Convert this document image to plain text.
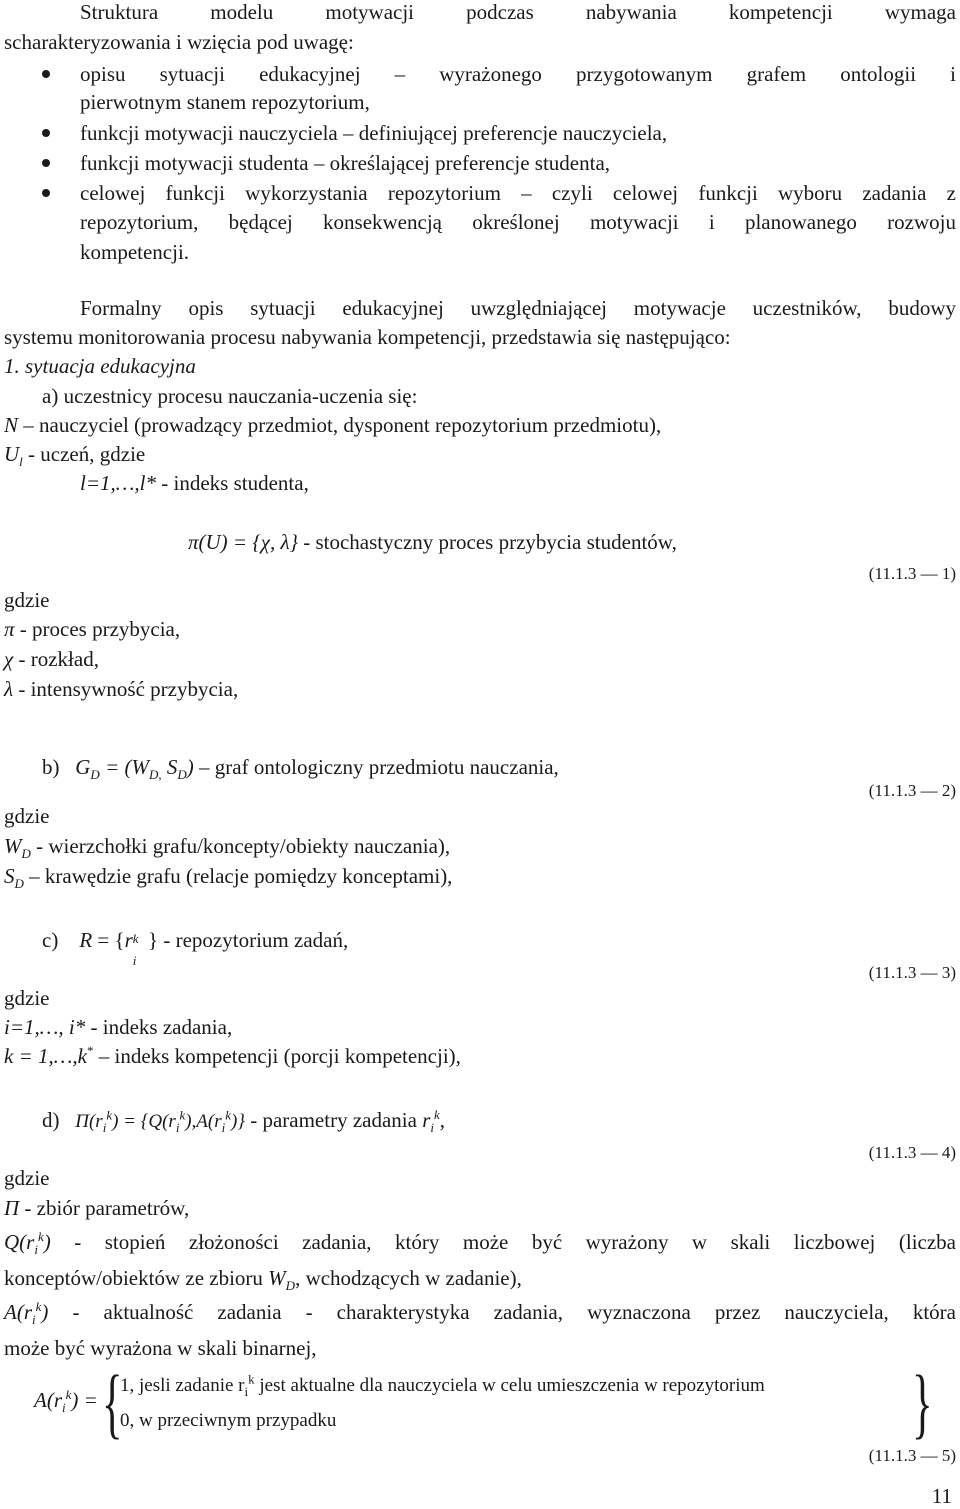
Struktura modelu motywacji podczas nabywania kompetencji wymaga
scharakteryzowania i wzięcia pod uwagę:
opisu sytuacji edukacyjnej – wyrażonego przygotowanym grafem ontologii i
pierwotnym stanem repozytorium,
funkcji motywacji nauczyciela – definiującej preferencje nauczyciela,
funkcji motywacji studenta – określającej preferencje studenta,
celowej funkcji wykorzystania repozytorium – czyli celowej funkcji wyboru zadania z
repozytorium, będącej konsekwencją określonej motywacji i planowanego rozwoju
kompetencji.
Formalny opis sytuacji edukacyjnej uwzględniającej motywacje uczestników, budowy
systemu monitorowania procesu nabywania kompetencji, przedstawia się następująco:
1. sytuacja edukacyjna
a) uczestnicy procesu nauczania-uczenia się:
N – nauczyciel (prowadzący przedmiot, dysponent repozytorium przedmiotu),
$U_l$ - uczeń, gdzie
l=1,…,l* - indeks studenta,
π(U) = {χ, λ} - stochastyczny proces przybycia studentów,
(11.1.3 — 1)
gdzie
π - proces przybycia,
χ - rozkład,
λ - intensywność przybycia,
b) $G_D = (W_{D,}$ $S_D$) – graf ontologiczny przedmiotu nauczania,
(11.1.3 — 2)
gdzie
$W_D$ - wierzchołki grafu/koncepty/obiekty nauczania),
$S_D$ – krawędzie grafu (relacje pomiędzy konceptami),
c) R = {r k
i
} - repozytorium zadań,
(11.1.3 — 3)
gdzie
i=1,…, i* - indeks zadania,
k = 1,…,k* – indeks kompetencji (porcji kompetencji),
d) $\Pi(r_i^k) = \{Q(r_i^k),A(r_i^k)\}$ - parametry zadania $r_i^k$,
(11.1.3 — 4)
gdzie
Π - zbiór parametrów,
$Q(r_i^k)$ - stopień złożoności zadania, który może być wyrażony w skali liczbowej (liczba
konceptów/obiektów ze zbioru $W_D$, wchodzących w zadanie),
$A(r_i^k)$ - aktualność zadania - charakterystyka zadania, wyznaczona przez nauczyciela, która
może być wyrażona w skali binarnej,
$A(r_i^k)$ = {
1, jesli zadanie $r_i^k$ jest aktualne dla nauczyciela w celu umieszczenia w repozytorium
0, w przeciwnym przypadku	}
(11.1.3 — 5)
11
